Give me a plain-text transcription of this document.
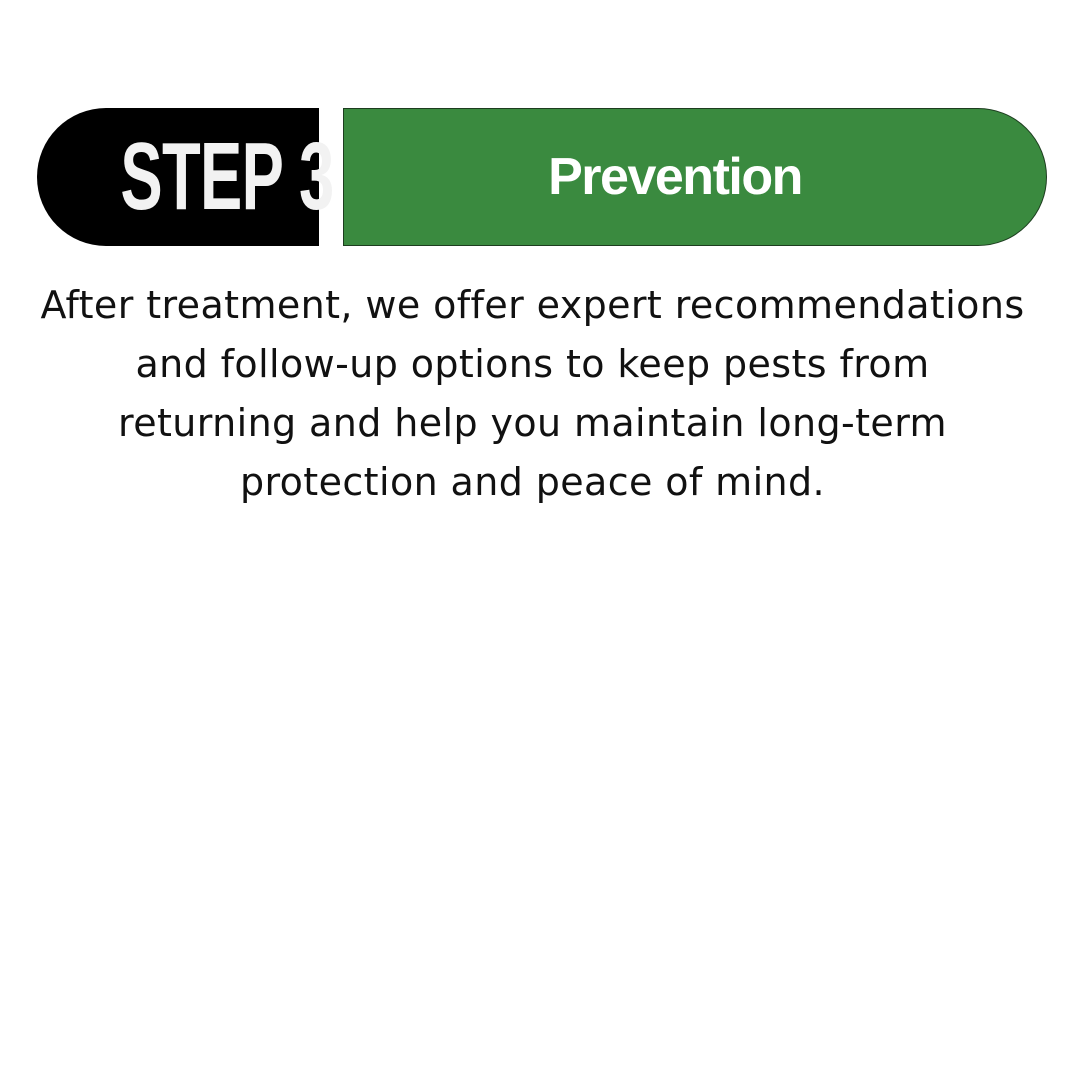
STEP 3	Prevention

After treatment, we offer expert recommendations and follow-up options to keep pests from returning and help you maintain long-term protection and peace of mind.
